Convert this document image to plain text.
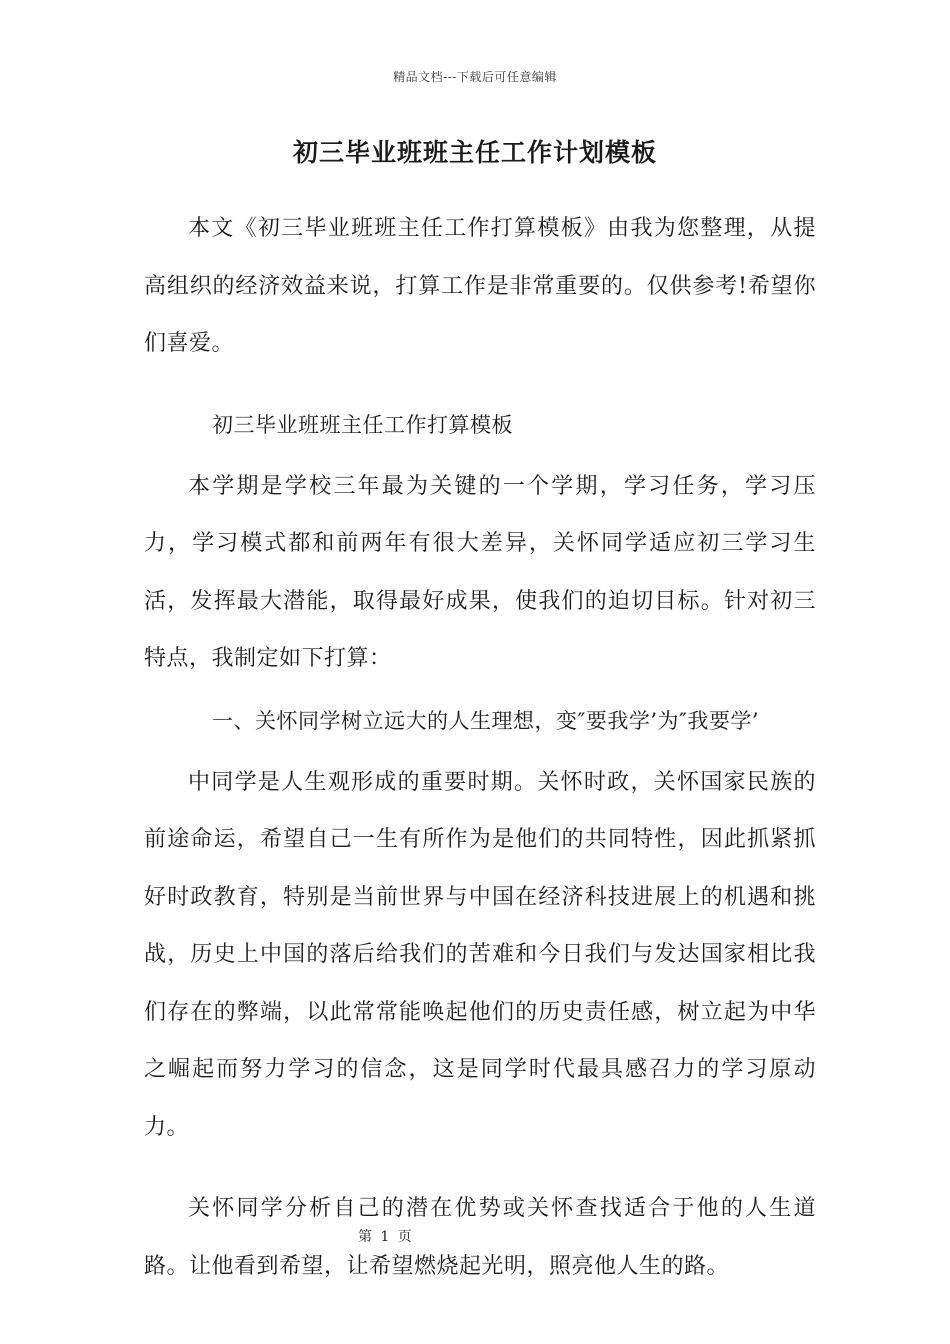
精品文档---下载后可任意编辑
初三毕业班班主任工作计划模板

本文《初三毕业班班主任工作打算模板》由我为您整理，从提高组织的经济效益来说，打算工作是非常重要的。仅供参考!希望你们喜爱。

初三毕业班班主任工作打算模板

本学期是学校三年最为关键的一个学期，学习任务，学习压力，学习模式都和前两年有很大差异，关怀同学适应初三学习生活，发挥最大潜能，取得最好成果，使我们的迫切目标。针对初三特点，我制定如下打算：

一、关怀同学树立远大的人生理想，变″要我学’为″我要学’

中同学是人生观形成的重要时期。关怀时政，关怀国家民族的前途命运，希望自己一生有所作为是他们的共同特性，因此抓紧抓好时政教育，特别是当前世界与中国在经济科技进展上的机遇和挑战，历史上中国的落后给我们的苦难和今日我们与发达国家相比我们存在的弊端，以此常常能唤起他们的历史责任感，树立起为中华之崛起而努力学习的信念，这是同学时代最具感召力的学习原动力。

关怀同学分析自己的潜在优势或关怀查找适合于他的人生道路。让他看到希望，让希望燃烧起光明，照亮他人生的路。

第 1 页
